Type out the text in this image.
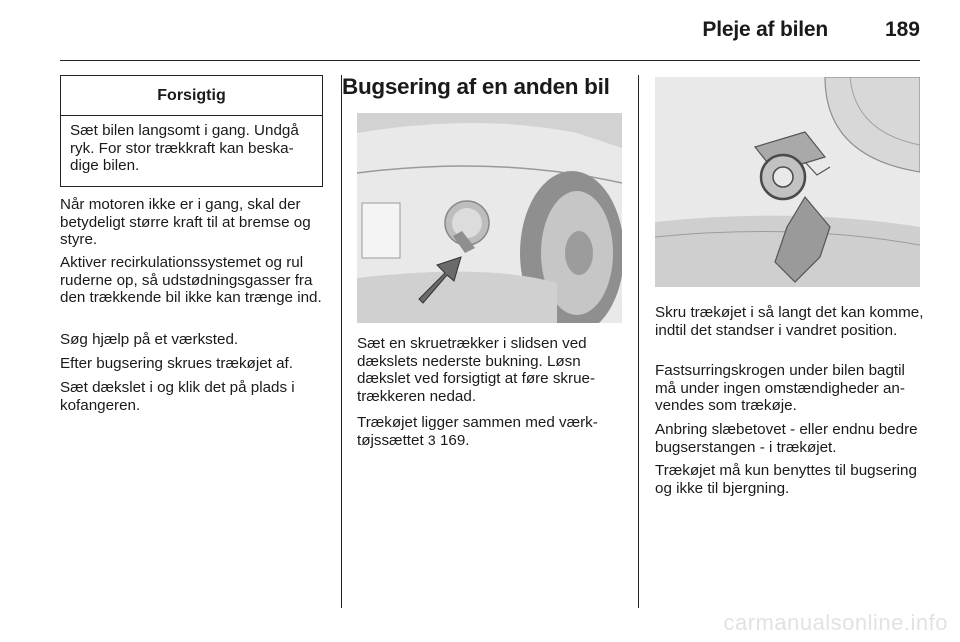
Pleje af bilen	189
Forsigtig
Sæt bilen langsomt i gang. Undgå ryk. For stor trækkraft kan beskadige bilen.

Når motoren ikke er i gang, skal der betydeligt større kraft til at bremse og styre.

Aktiver recirkulationssystemet og rul ruderne op, så udstødningsgasser fra den trækkende bil ikke kan trænge ind.

Søg hjælp på et værksted.

Efter bugsering skrues trækøjet af.

Sæt dækslet i og klik det på plads i kofangeren.

Bugsering af en anden bil

Sæt en skruetrækker i slidsen ved dækslets nederste bukning. Løsn dækslet ved forsigtigt at føre skruetrækkeren nedad.

Trækøjet ligger sammen med værktøjssættet 3 169.

Skru trækøjet i så langt det kan komme, indtil det standser i vandret position.

Fastsurringskrogen under bilen bagtil må under ingen omstændigheder anvendes som trækøje.

Anbring slæbetovet - eller endnu bedre bugserstangen - i trækøjet.

Trækøjet må kun benyttes til bugsering og ikke til bjergning.

carmanualsonline.info
